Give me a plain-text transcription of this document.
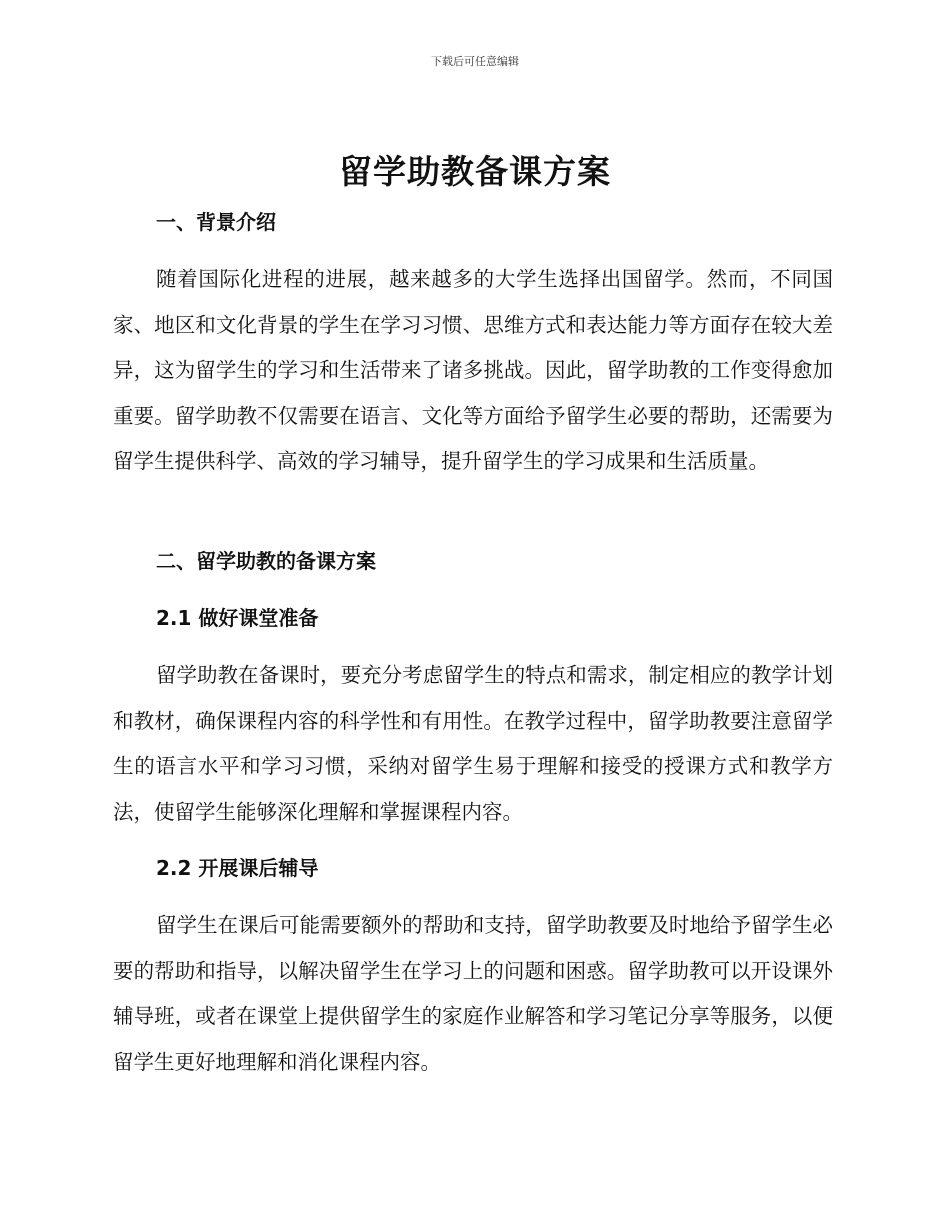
下载后可任意编辑
留学助教备课方案
一、背景介绍

随着国际化进程的进展，越来越多的大学生选择出国留学。然而，不同国家、地区和文化背景的学生在学习习惯、思维方式和表达能力等方面存在较大差异，这为留学生的学习和生活带来了诸多挑战。因此，留学助教的工作变得愈加重要。留学助教不仅需要在语言、文化等方面给予留学生必要的帮助，还需要为留学生提供科学、高效的学习辅导，提升留学生的学习成果和生活质量。

二、留学助教的备课方案
2.1 做好课堂准备

留学助教在备课时，要充分考虑留学生的特点和需求，制定相应的教学计划和教材，确保课程内容的科学性和有用性。在教学过程中，留学助教要注意留学生的语言水平和学习习惯，采纳对留学生易于理解和接受的授课方式和教学方法，使留学生能够深化理解和掌握课程内容。

2.2 开展课后辅导

留学生在课后可能需要额外的帮助和支持，留学助教要及时地给予留学生必要的帮助和指导，以解决留学生在学习上的问题和困惑。留学助教可以开设课外辅导班，或者在课堂上提供留学生的家庭作业解答和学习笔记分享等服务，以便留学生更好地理解和消化课程内容。
